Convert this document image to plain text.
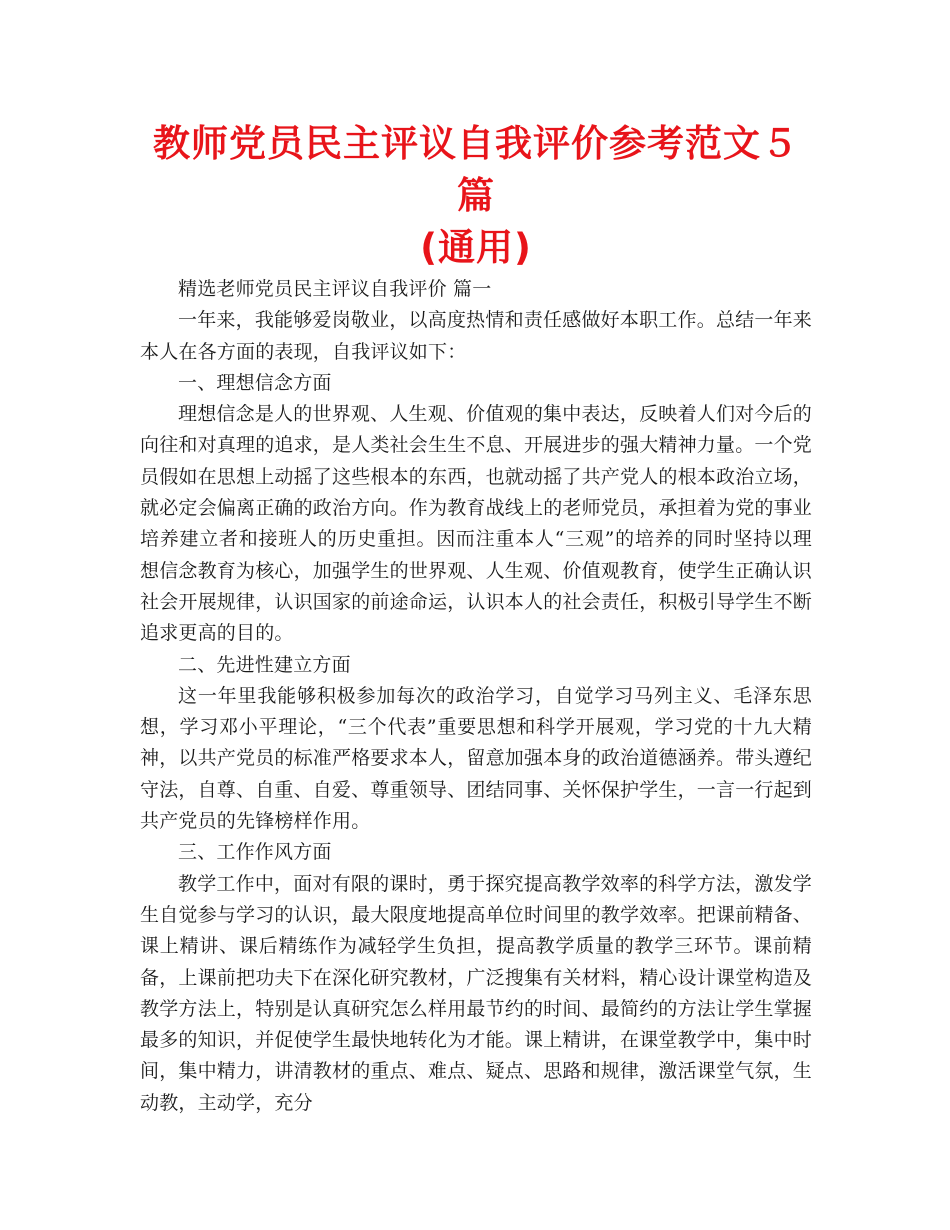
教师党员民主评议自我评价参考范文５篇
(通用)

精选老师党员民主评议自我评价 篇一

一年来，我能够爱岗敬业，以高度热情和责任感做好本职工作。总结一年来本人在各方面的表现，自我评议如下：

一、理想信念方面

理想信念是人的世界观、人生观、价值观的集中表达，反映着人们对今后的向往和对真理的追求，是人类社会生生不息、开展进步的强大精神力量。一个党员假如在思想上动摇了这些根本的东西，也就动摇了共产党人的根本政治立场，就必定会偏离正确的政治方向。作为教育战线上的老师党员，承担着为党的事业培养建立者和接班人的历史重担。因而注重本人“三观”的培养的同时坚持以理想信念教育为核心，加强学生的世界观、人生观、价值观教育，使学生正确认识社会开展规律，认识国家的前途命运，认识本人的社会责任，积极引导学生不断追求更高的目的。

二、先进性建立方面

这一年里我能够积极参加每次的政治学习，自觉学习马列主义、毛泽东思想，学习邓小平理论，“三个代表”重要思想和科学开展观，学习党的十九大精神，以共产党员的标准严格要求本人，留意加强本身的政治道德涵养。带头遵纪守法，自尊、自重、自爱、尊重领导、团结同事、关怀保护学生，一言一行起到共产党员的先锋榜样作用。

三、工作作风方面

教学工作中，面对有限的课时，勇于探究提高教学效率的科学方法，激发学生自觉参与学习的认识，最大限度地提高单位时间里的教学效率。把课前精备、课上精讲、课后精练作为减轻学生负担，提高教学质量的教学三环节。课前精备，上课前把功夫下在深化研究教材，广泛搜集有关材料，精心设计课堂构造及教学方法上，特别是认真研究怎么样用最节约的时间、最简约的方法让学生掌握最多的知识，并促使学生最快地转化为才能。课上精讲，在课堂教学中，集中时间，集中精力，讲清教材的重点、难点、疑点、思路和规律，激活课堂气氛，生动教，主动学，充分
